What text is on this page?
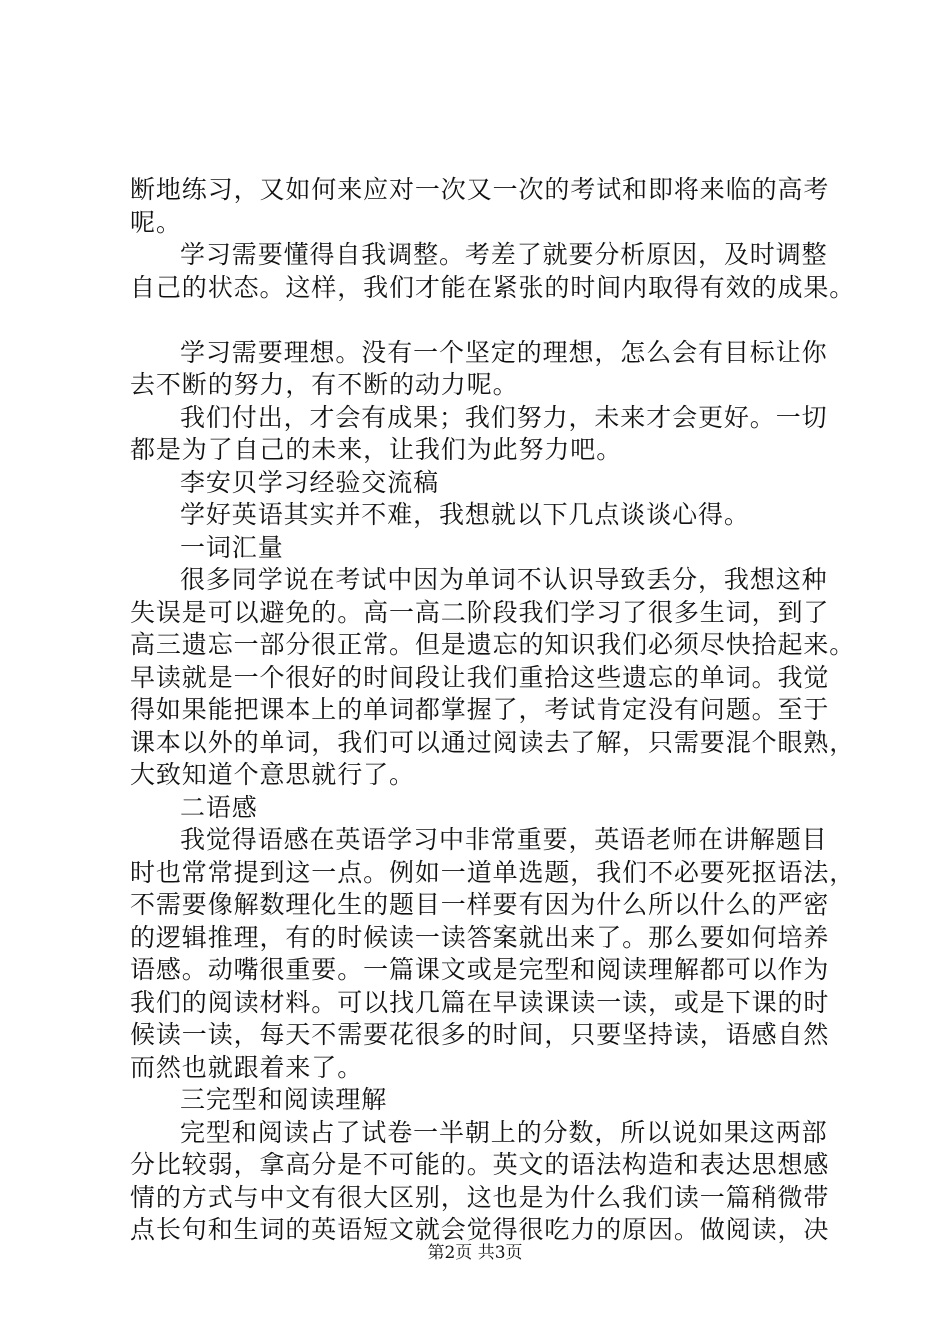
断地练习，又如何来应对一次又一次的考试和即将来临的高考
呢。
学习需要懂得自我调整。考差了就要分析原因，及时调整
自己的状态。这样，我们才能在紧张的时间内取得有效的成果。
学习需要理想。没有一个坚定的理想，怎么会有目标让你
去不断的努力，有不断的动力呢。
我们付出，才会有成果；我们努力，未来才会更好。一切
都是为了自己的未来，让我们为此努力吧。
李安贝学习经验交流稿
学好英语其实并不难，我想就以下几点谈谈心得。
一词汇量
很多同学说在考试中因为单词不认识导致丢分，我想这种
失误是可以避免的。高一高二阶段我们学习了很多生词，到了
高三遗忘一部分很正常。但是遗忘的知识我们必须尽快拾起来。
早读就是一个很好的时间段让我们重拾这些遗忘的单词。我觉
得如果能把课本上的单词都掌握了，考试肯定没有问题。至于
课本以外的单词，我们可以通过阅读去了解，只需要混个眼熟，
大致知道个意思就行了。
二语感
我觉得语感在英语学习中非常重要，英语老师在讲解题目
时也常常提到这一点。例如一道单选题，我们不必要死抠语法，
不需要像解数理化生的题目一样要有因为什么所以什么的严密
的逻辑推理，有的时候读一读答案就出来了。那么要如何培养
语感。动嘴很重要。一篇课文或是完型和阅读理解都可以作为
我们的阅读材料。可以找几篇在早读课读一读，或是下课的时
候读一读，每天不需要花很多的时间，只要坚持读，语感自然
而然也就跟着来了。
三完型和阅读理解
完型和阅读占了试卷一半朝上的分数，所以说如果这两部
分比较弱，拿高分是不可能的。英文的语法构造和表达思想感
情的方式与中文有很大区别，这也是为什么我们读一篇稍微带
点长句和生词的英语短文就会觉得很吃力的原因。做阅读，决
第2页 共3页
